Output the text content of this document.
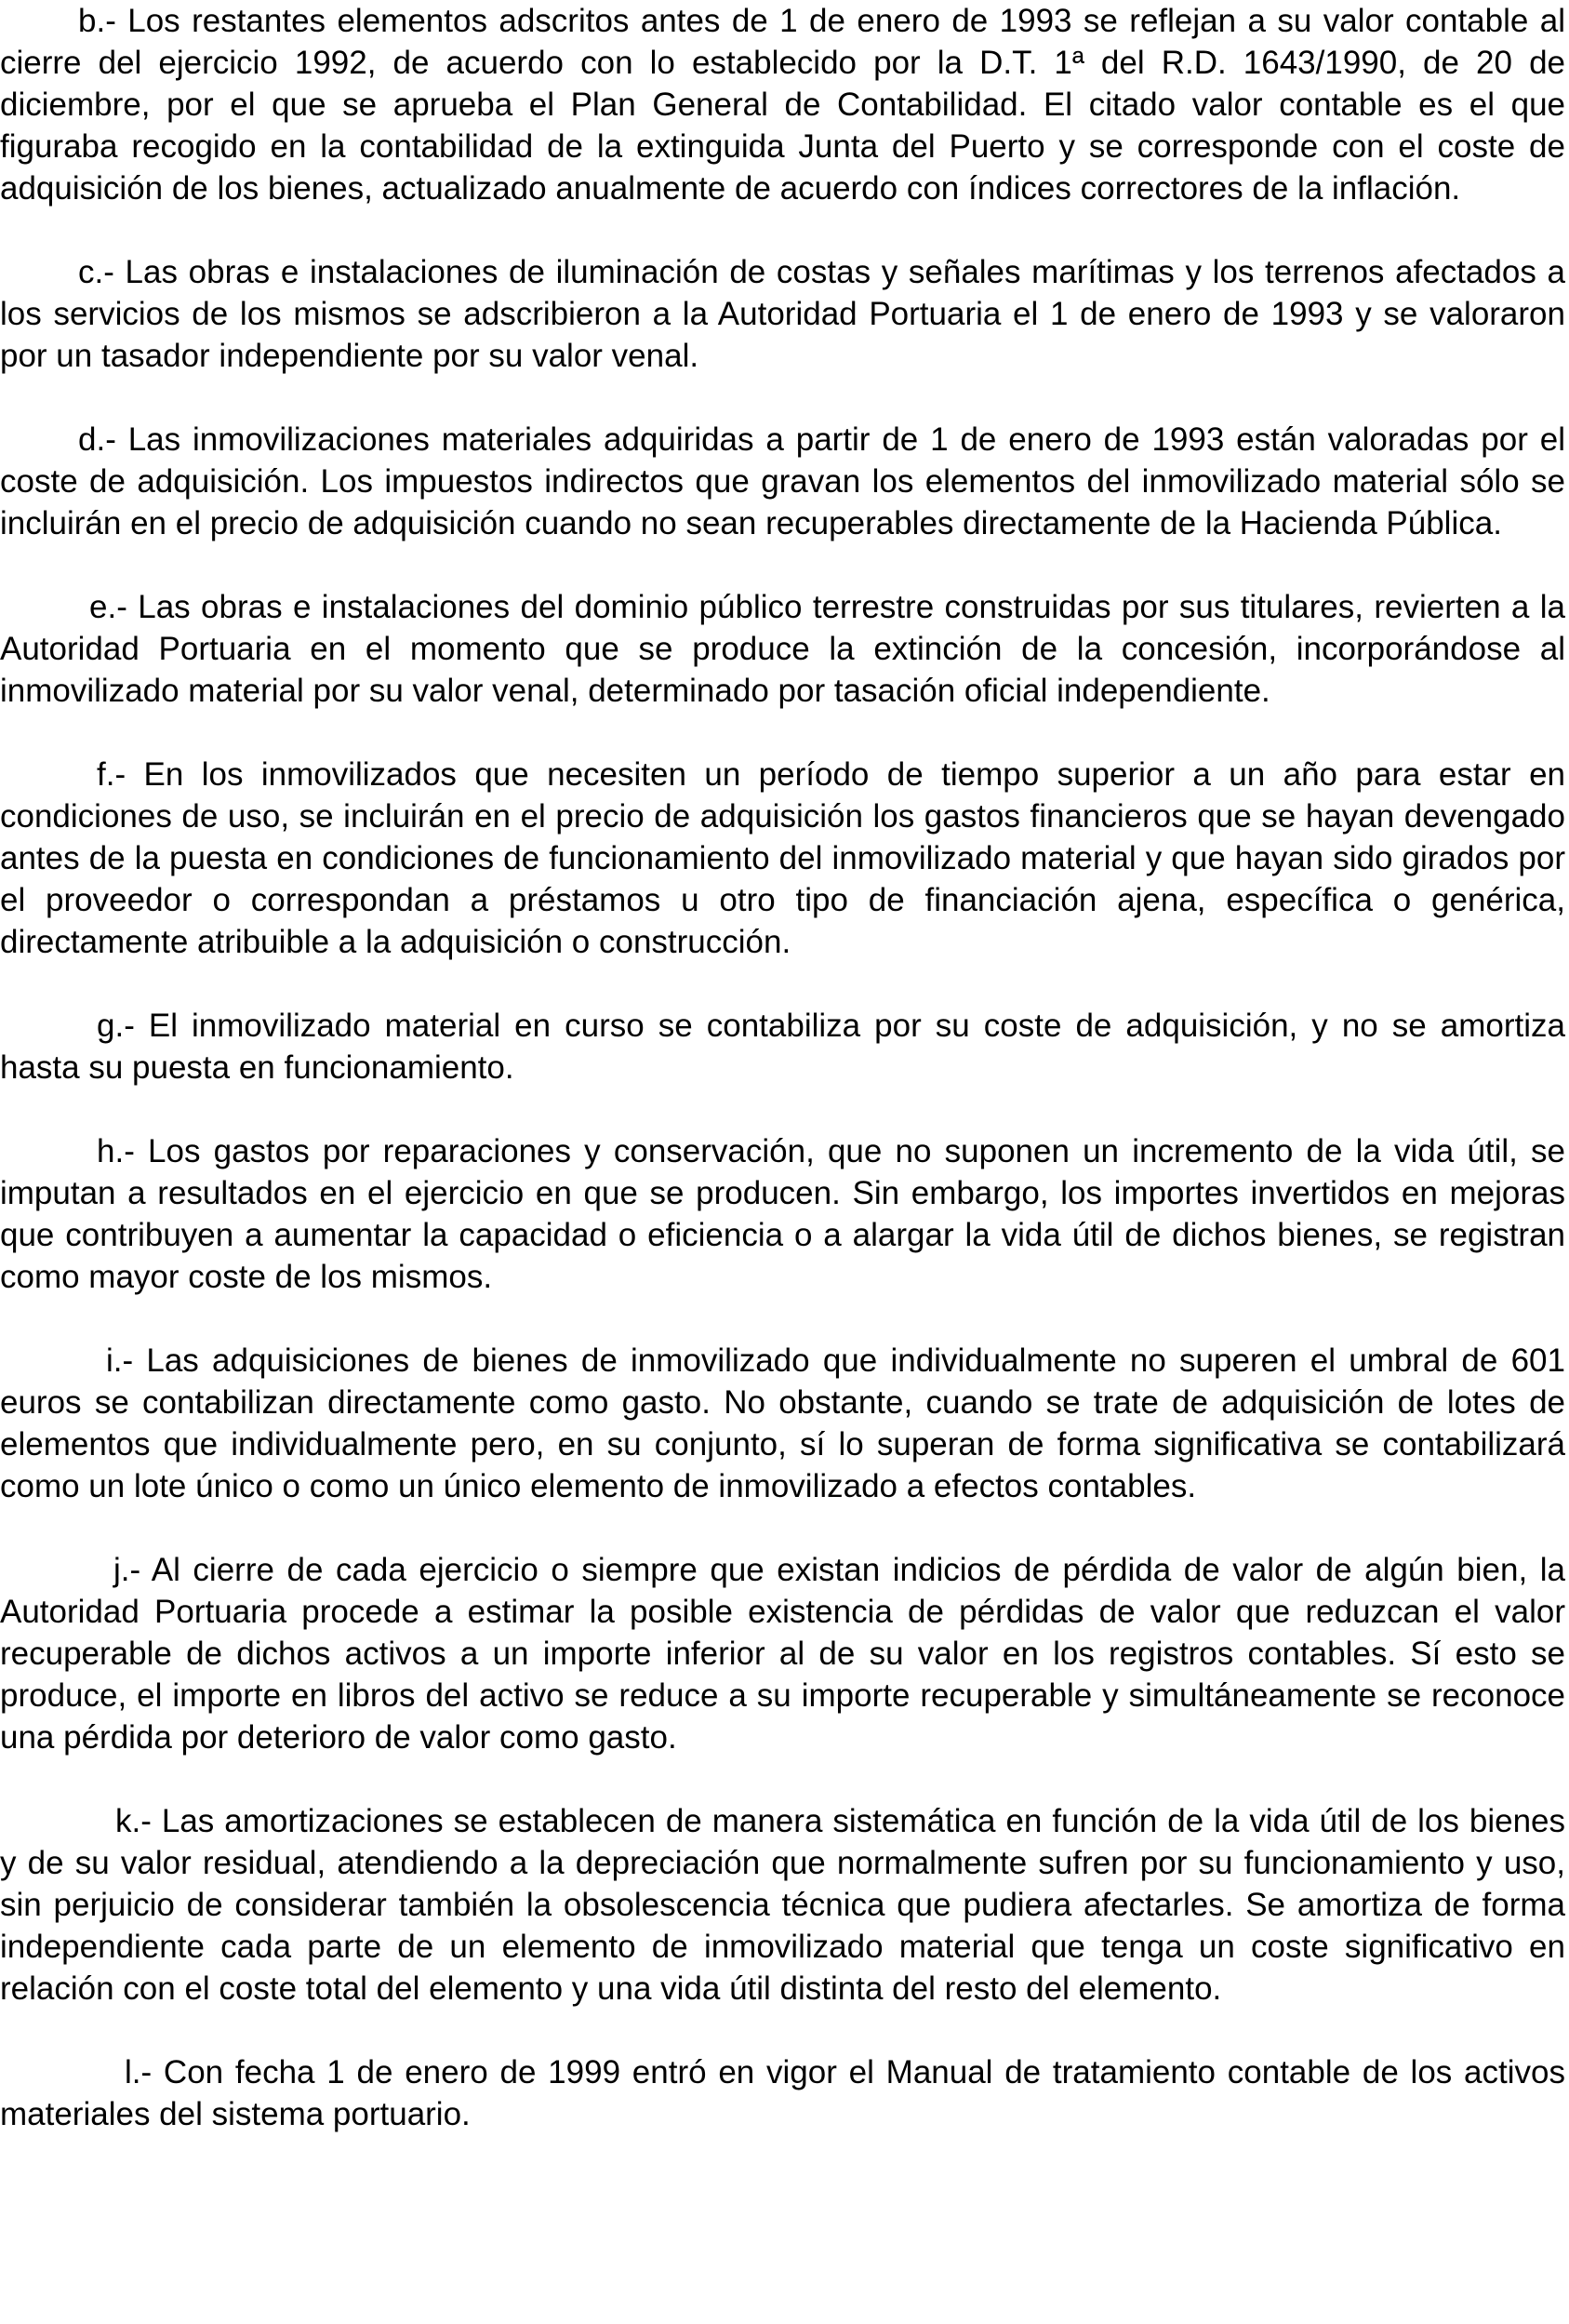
b.- Los restantes elementos adscritos antes de 1 de enero de 1993 se reflejan a su valor contable al cierre del ejercicio 1992, de acuerdo con lo establecido por la D.T. 1ª del R.D. 1643/1990, de 20 de diciembre, por el que se aprueba el Plan General de Contabilidad. El citado valor contable es el que figuraba recogido en la contabilidad de la extinguida Junta del Puerto y se corresponde con el coste de adquisición de los bienes, actualizado anualmente de acuerdo con índices correctores de la inflación.

c.- Las obras e instalaciones de iluminación de costas y señales marítimas y los terrenos afectados a los servicios de los mismos se adscribieron a la Autoridad Portuaria el 1 de enero de 1993 y se valoraron por un tasador independiente por su valor venal.

d.- Las inmovilizaciones materiales adquiridas a partir de 1 de enero de 1993 están valoradas por el coste de adquisición. Los impuestos indirectos que gravan los elementos del inmovilizado material sólo se incluirán en el precio de adquisición cuando no sean recuperables directamente de la Hacienda Pública.

e.- Las obras e instalaciones del dominio público terrestre construidas por sus titulares, revierten a la Autoridad Portuaria en el momento que se produce la extinción de la concesión, incorporándose al inmovilizado material por su valor venal, determinado por tasación oficial independiente.

f.- En los inmovilizados que necesiten un período de tiempo superior a un año para estar en condiciones de uso, se incluirán en el precio de adquisición los gastos financieros que se hayan devengado antes de la puesta en condiciones de funcionamiento del inmovilizado material y que hayan sido girados por el proveedor o correspondan a préstamos u otro tipo de financiación ajena, específica o genérica, directamente atribuible a la adquisición o construcción.

g.- El inmovilizado material en curso se contabiliza por su coste de adquisición, y no se amortiza hasta su puesta en funcionamiento.

h.- Los gastos por reparaciones y conservación, que no suponen un incremento de la vida útil, se imputan a resultados en el ejercicio en que se producen. Sin embargo, los importes invertidos en mejoras que contribuyen a aumentar la capacidad o eficiencia o a alargar la vida útil de dichos bienes, se registran como mayor coste de los mismos.

i.- Las adquisiciones de bienes de inmovilizado que individualmente no superen el umbral de 601 euros se contabilizan directamente como gasto. No obstante, cuando se trate de adquisición de lotes de elementos que individualmente pero, en su conjunto, sí lo superan de forma significativa se contabilizará como un lote único o como un único elemento de inmovilizado a efectos contables.

j.- Al cierre de cada ejercicio o siempre que existan indicios de pérdida de valor de algún bien, la Autoridad Portuaria procede a estimar la posible existencia de pérdidas de valor que reduzcan el valor recuperable de dichos activos a un importe inferior al de su valor en los registros contables. Sí esto se produce, el importe en libros del activo se reduce a su importe recuperable y simultáneamente se reconoce una pérdida por deterioro de valor como gasto.

k.- Las amortizaciones se establecen de manera sistemática en función de la vida útil de los bienes y de su valor residual, atendiendo a la depreciación que normalmente sufren por su funcionamiento y uso, sin perjuicio de considerar también la obsolescencia técnica que pudiera afectarles. Se amortiza de forma independiente cada parte de un elemento de inmovilizado material que tenga un coste significativo en relación con el coste total del elemento y una vida útil distinta del resto del elemento.

l.- Con fecha 1 de enero de 1999 entró en vigor el Manual de tratamiento contable de los activos materiales del sistema portuario.
